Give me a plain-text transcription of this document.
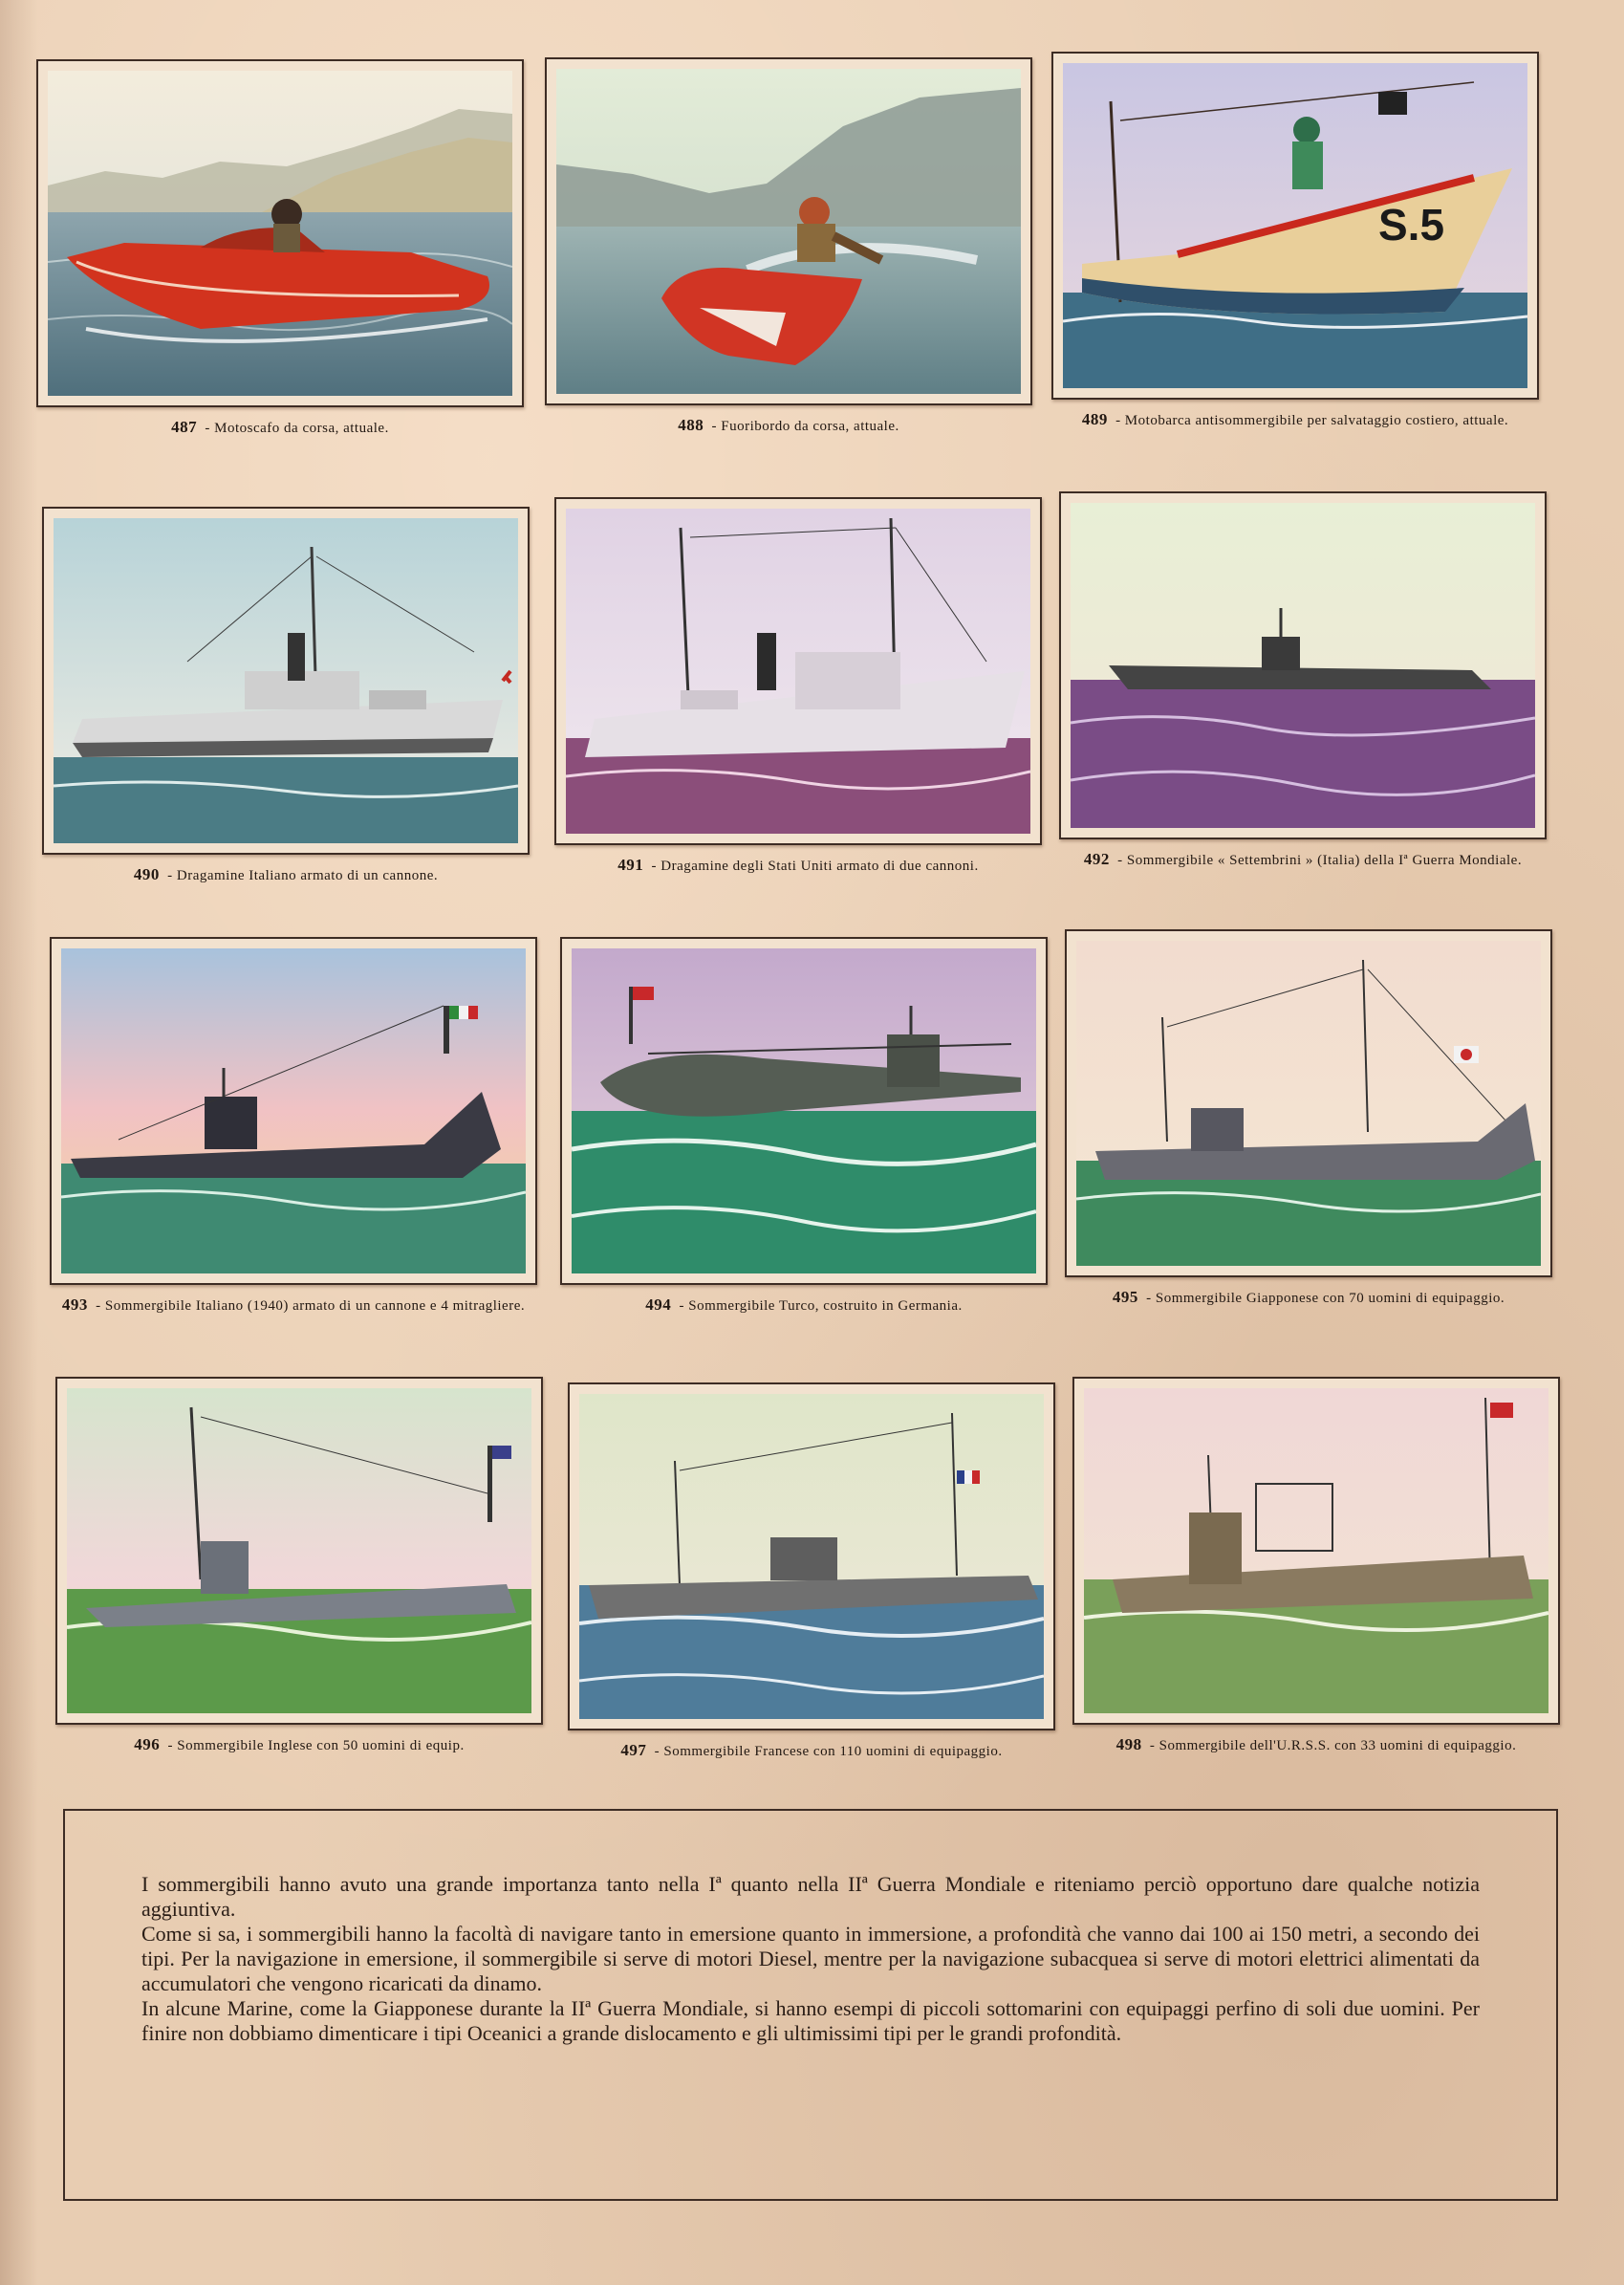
487 - Motoscafo da corsa, attuale.	488 - Fuoribordo da corsa, attuale.
S.5
489 - Motobarca antisommergibile per salvataggio costiero, attuale.
490 - Dragamine Italiano armato di un cannone.
491 - Dragamine degli Stati Uniti armato di due cannoni.	492 - Sommergibile « Settembrini » (Italia) della Iª Guerra Mondiale.
493 - Sommergibile Italiano (1940) armato di un cannone e 4 mitragliere.	494 - Sommergibile Turco, costruito in Germania.	495 - Sommergibile Giapponese con 70 uomini di equipaggio.
496 - Sommergibile Inglese con 50 uomini di equip.	497 - Sommergibile Francese con 110 uomini di equipaggio.	498 - Sommergibile dell'U.R.S.S. con 33 uomini di equipaggio.

I sommergibili hanno avuto una grande importanza tanto nella Iª quanto nella IIª Guerra Mondiale e riteniamo perciò opportuno dare qualche notizia aggiuntiva.

Come si sa, i sommergibili hanno la facoltà di navigare tanto in emersione quanto in immersione, a profondità che vanno dai 100 ai 150 metri, a secondo dei tipi. Per la navigazione in emersione, il sommergibile si serve di motori Diesel, mentre per la navigazione subacquea si serve di motori elettrici alimentati da accumulatori che vengono ricaricati da dinamo.

In alcune Marine, come la Giapponese durante la IIª Guerra Mondiale, si hanno esempi di piccoli sottomarini con equipaggi perfino di soli due uomini. Per finire non dobbiamo dimenticare i tipi Oceanici a grande dislocamento e gli ultimissimi tipi per le grandi profondità.
